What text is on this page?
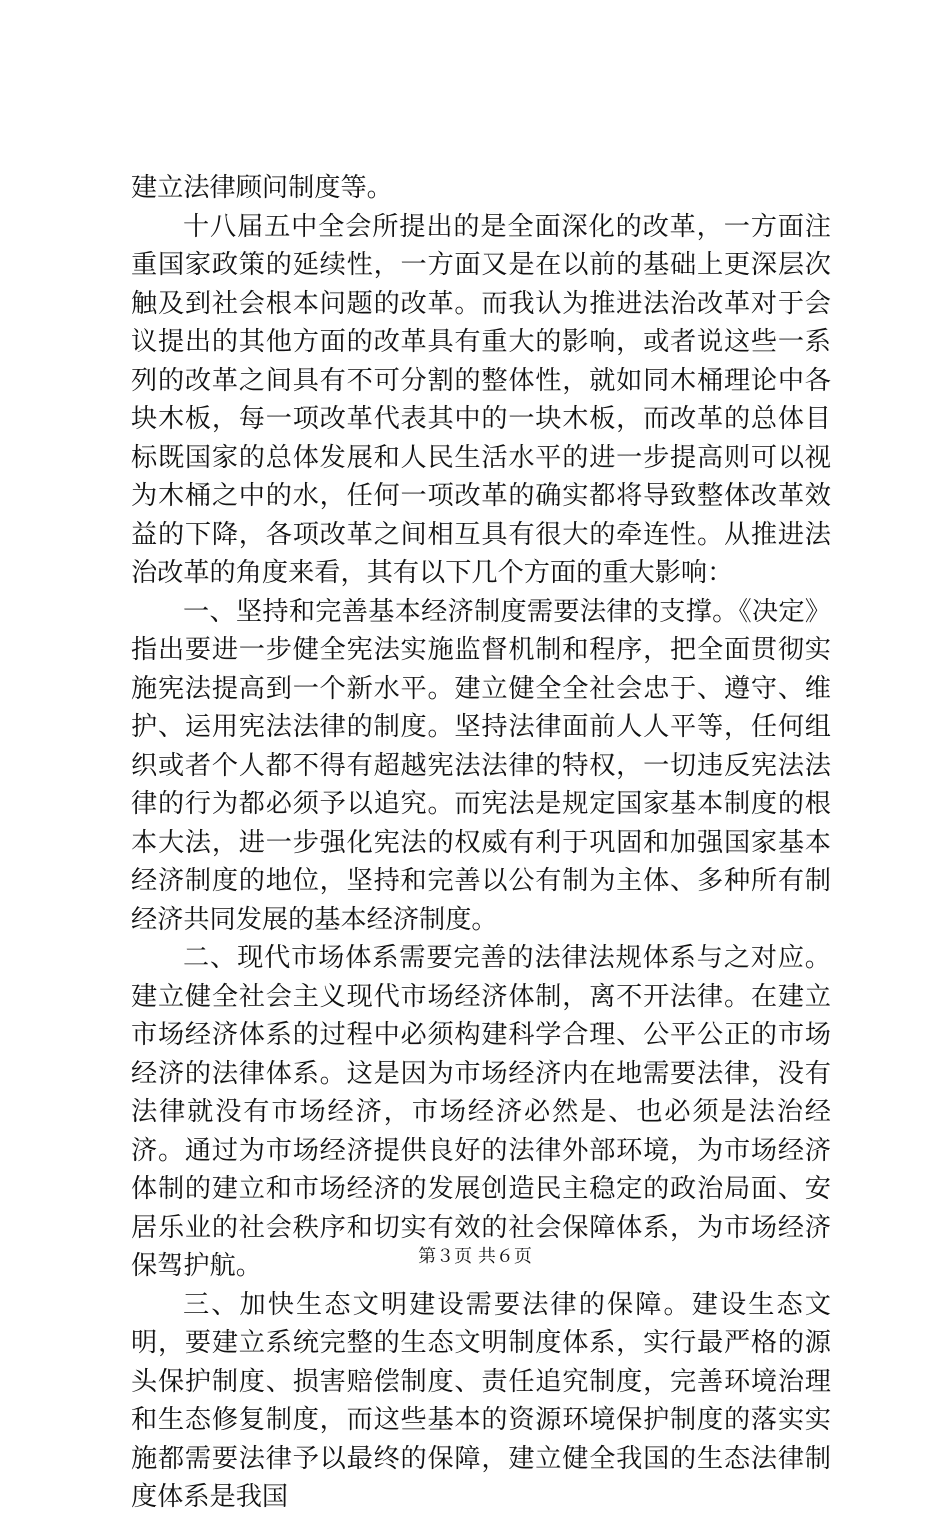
建立法律顾问制度等。

十八届五中全会所提出的是全面深化的改革，一方面注重国家政策的延续性，一方面又是在以前的基础上更深层次触及到社会根本问题的改革。而我认为推进法治改革对于会议提出的其他方面的改革具有重大的影响，或者说这些一系列的改革之间具有不可分割的整体性，就如同木桶理论中各块木板，每一项改革代表其中的一块木板，而改革的总体目标既国家的总体发展和人民生活水平的进一步提高则可以视为木桶之中的水，任何一项改革的确实都将导致整体改革效益的下降，各项改革之间相互具有很大的牵连性。从推进法治改革的角度来看，其有以下几个方面的重大影响：

一、坚持和完善基本经济制度需要法律的支撑。《决定》指出要进一步健全宪法实施监督机制和程序，把全面贯彻实施宪法提高到一个新水平。建立健全全社会忠于、遵守、维护、运用宪法法律的制度。坚持法律面前人人平等，任何组织或者个人都不得有超越宪法法律的特权，一切违反宪法法律的行为都必须予以追究。而宪法是规定国家基本制度的根本大法，进一步强化宪法的权威有利于巩固和加强国家基本经济制度的地位，坚持和完善以公有制为主体、多种所有制经济共同发展的基本经济制度。

二、现代市场体系需要完善的法律法规体系与之对应。建立健全社会主义现代市场经济体制，离不开法律。在建立市场经济体系的过程中必须构建科学合理、公平公正的市场经济的法律体系。这是因为市场经济内在地需要法律，没有法律就没有市场经济，市场经济必然是、也必须是法治经济。通过为市场经济提供良好的法律外部环境，为市场经济体制的建立和市场经济的发展创造民主稳定的政治局面、安居乐业的社会秩序和切实有效的社会保障体系，为市场经济保驾护航。

三、加快生态文明建设需要法律的保障。建设生态文明，要建立系统完整的生态文明制度体系，实行最严格的源头保护制度、损害赔偿制度、责任追究制度，完善环境治理和生态修复制度，而这些基本的资源环境保护制度的落实实施都需要法律予以最终的保障，建立健全我国的生态法律制度体系是我国

第３页 共６页
